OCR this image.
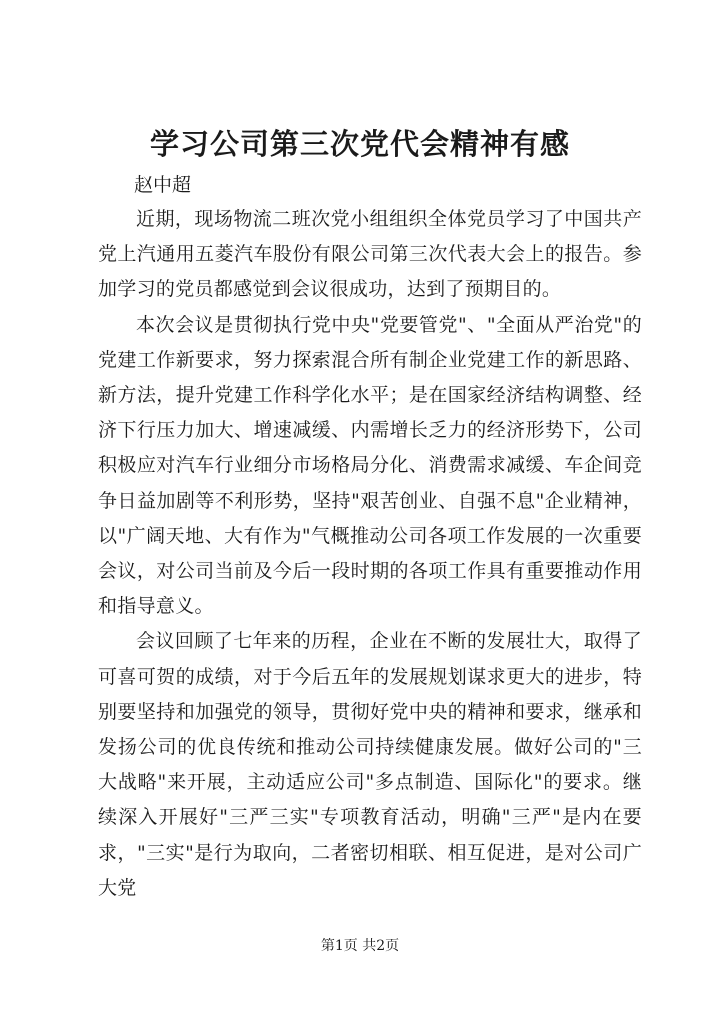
学习公司第三次党代会精神有感

赵中超

近期，现场物流二班次党小组组织全体党员学习了中国共产党上汽通用五菱汽车股份有限公司第三次代表大会上的报告。参加学习的党员都感觉到会议很成功，达到了预期目的。

本次会议是贯彻执行党中央"党要管党"、"全面从严治党"的党建工作新要求，努力探索混合所有制企业党建工作的新思路、新方法，提升党建工作科学化水平；是在国家经济结构调整、经济下行压力加大、增速减缓、内需增长乏力的经济形势下，公司积极应对汽车行业细分市场格局分化、消费需求减缓、车企间竞争日益加剧等不利形势，坚持"艰苦创业、自强不息"企业精神，以"广阔天地、大有作为"气概推动公司各项工作发展的一次重要会议，对公司当前及今后一段时期的各项工作具有重要推动作用和指导意义。

会议回顾了七年来的历程，企业在不断的发展壮大，取得了可喜可贺的成绩，对于今后五年的发展规划谋求更大的进步，特别要坚持和加强党的领导，贯彻好党中央的精神和要求，继承和发扬公司的优良传统和推动公司持续健康发展。做好公司的"三大战略"来开展，主动适应公司"多点制造、国际化"的要求。继续深入开展好"三严三实"专项教育活动，明确"三严"是内在要求，"三实"是行为取向，二者密切相联、相互促进，是对公司广大党

第1页 共2页
